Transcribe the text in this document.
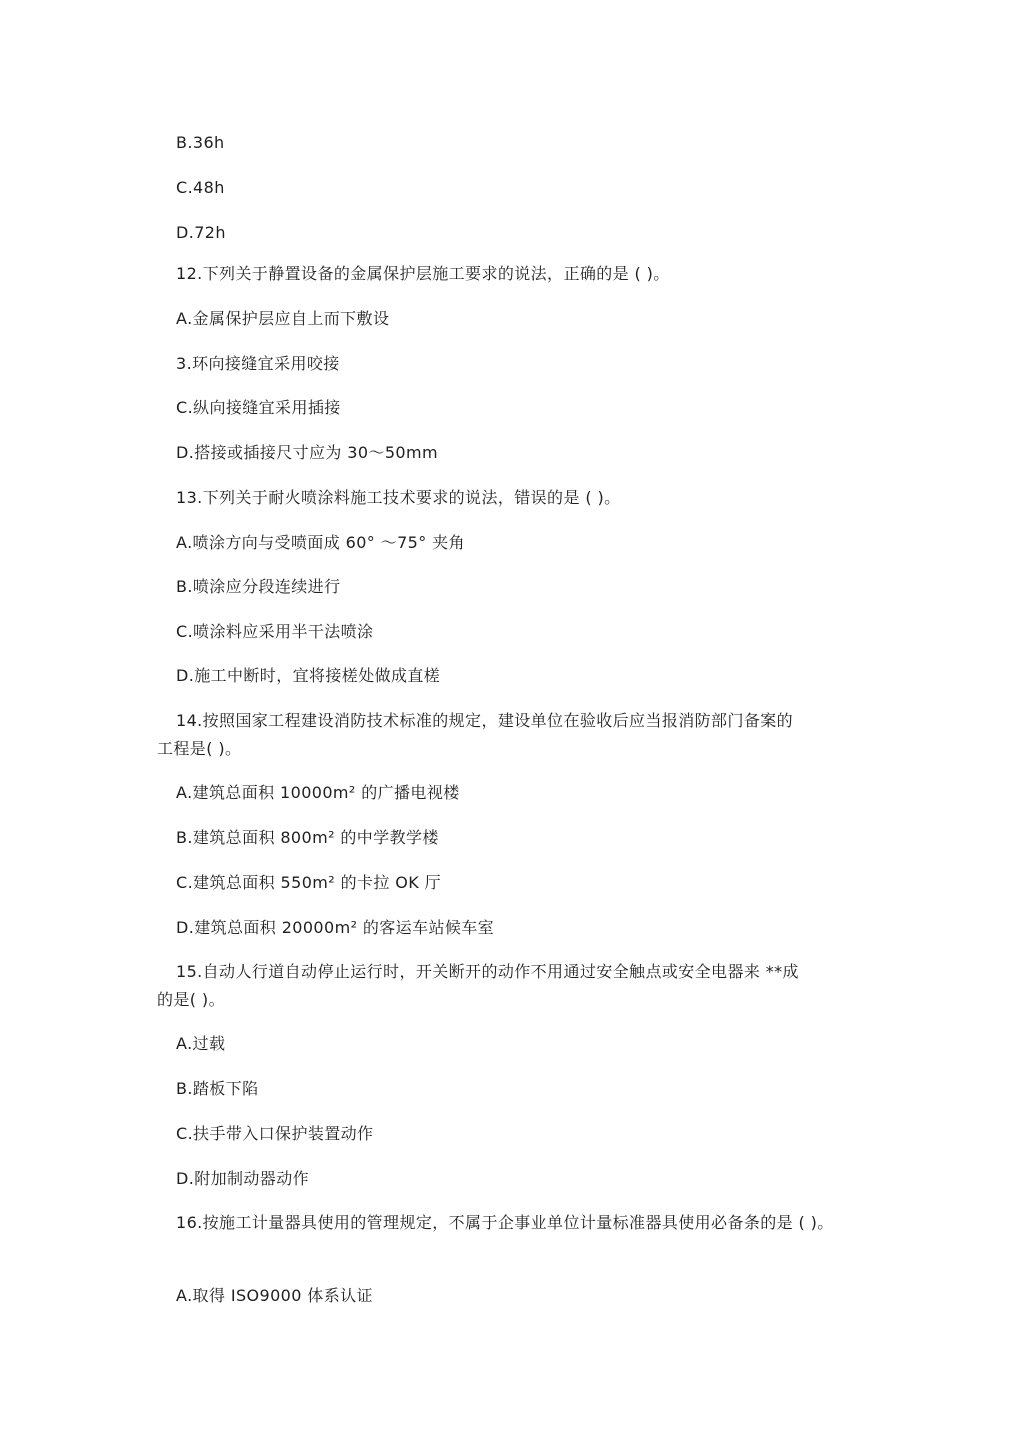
B.36h
C.48h
D.72h
12.下列关于静置设备的金属保护层施工要求的说法，正确的是 ( )。
A.金属保护层应自上而下敷设
3.环向接缝宜采用咬接
C.纵向接缝宜采用插接
D.搭接或插接尺寸应为 30～50mm
13.下列关于耐火喷涂料施工技术要求的说法，错误的是 ( )。
A.喷涂方向与受喷面成 60° ～75° 夹角
B.喷涂应分段连续进行
C.喷涂料应采用半干法喷涂
D.施工中断时，宜将接槎处做成直槎
14.按照国家工程建设消防技术标准的规定，建设单位在验收后应当报消防部门备案的
工程是( )。
A.建筑总面积 10000m² 的广播电视楼
B.建筑总面积 800m² 的中学教学楼
C.建筑总面积 550m² 的卡拉 OK 厅
D.建筑总面积 20000m² 的客运车站候车室
15.自动人行道自动停止运行时，开关断开的动作不用通过安全触点或安全电器来 **成
的是( )。
A.过载
B.踏板下陷
C.扶手带入口保护装置动作
D.附加制动器动作
16.按施工计量器具使用的管理规定，不属于企事业单位计量标准器具使用必备条的是 ( )。
A.取得 ISO9000 体系认证
